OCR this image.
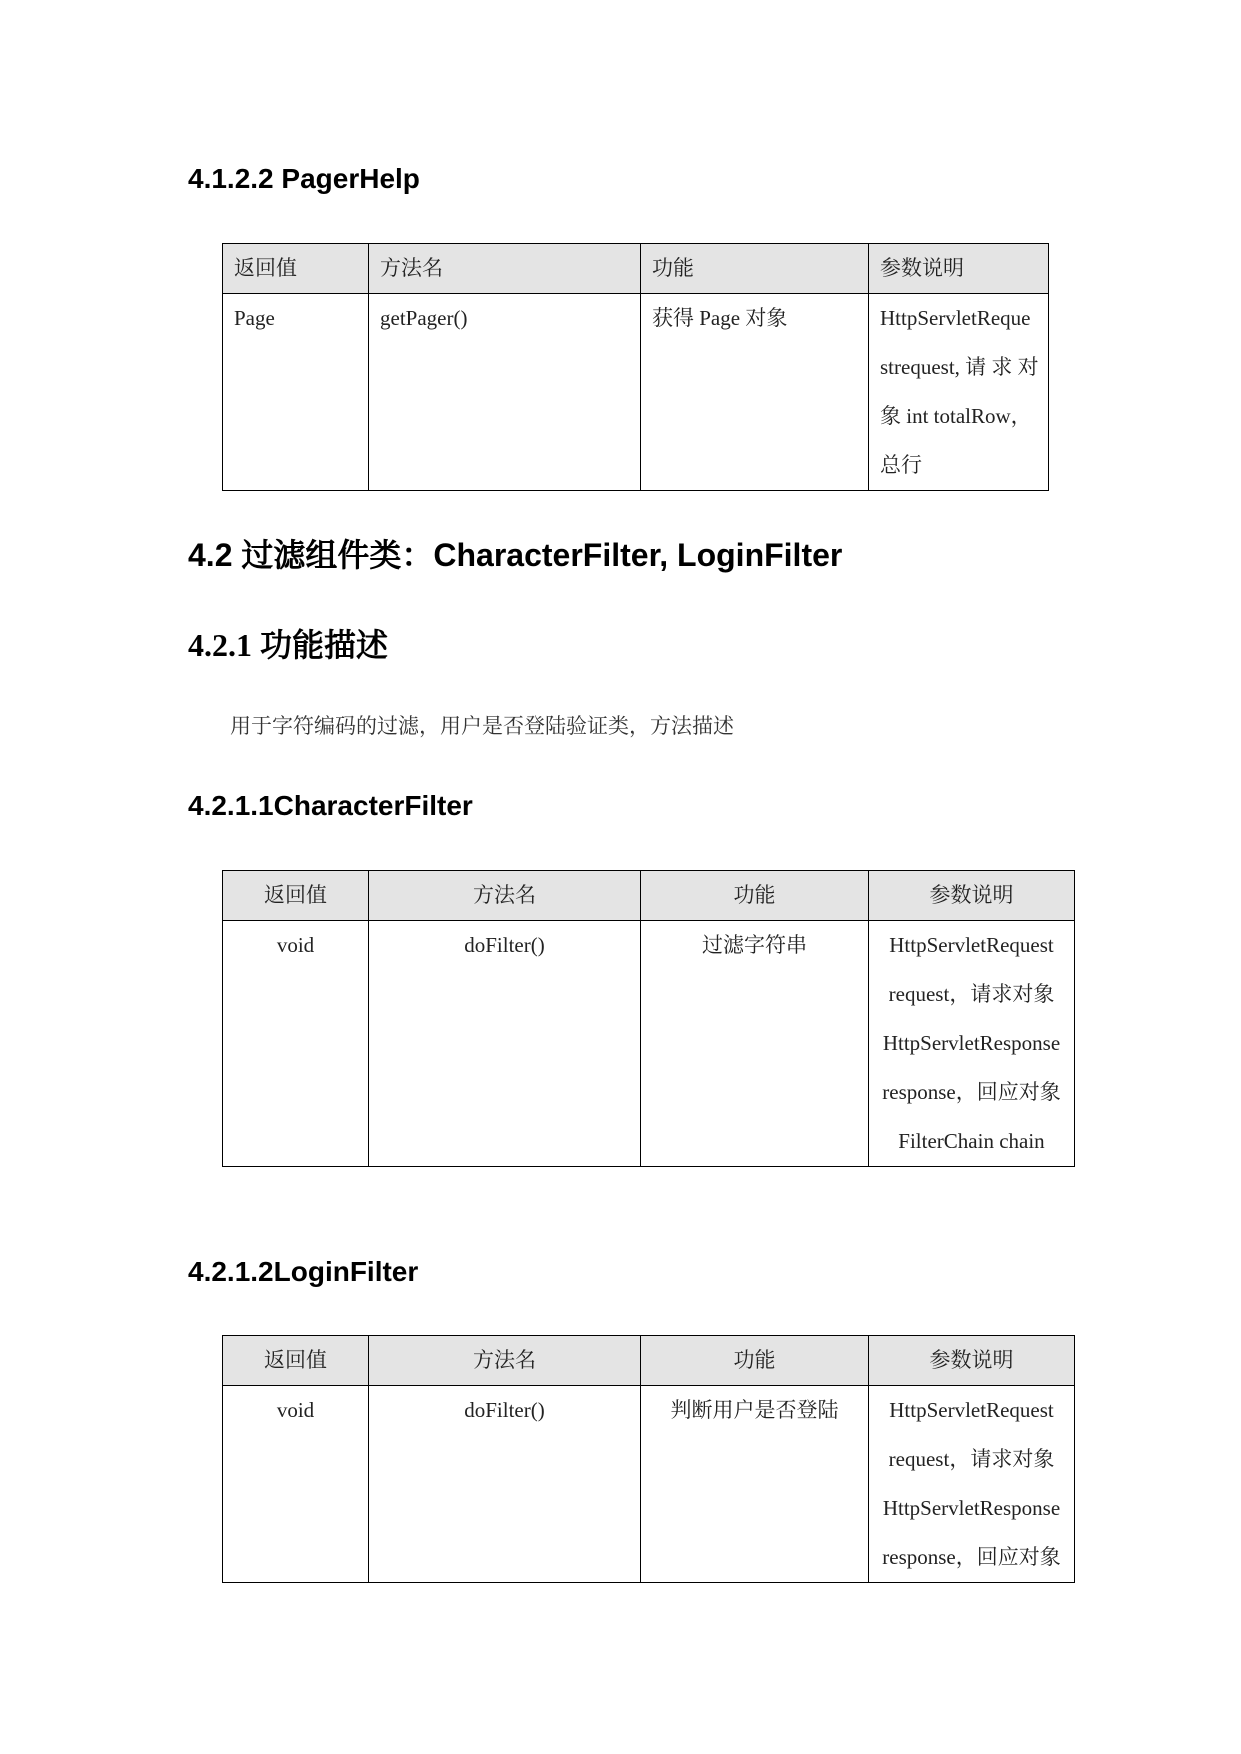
4.1.2.2 PagerHelp
返回值	方法名	功能	参数说明
Page	getPager()	获得 Page 对象	HttpServletReque
strequest, 请 求 对
象 int totalRow，
总行
4.2 过滤组件类：CharacterFilter, LoginFilter
4.2.1 功能描述

用于字符编码的过滤，用户是否登陆验证类，方法描述

4.2.1.1CharacterFilter
返回值	方法名	功能	参数说明
void	doFilter()	过滤字符串	HttpServletRequest
request，请求对象
HttpServletResponse
response，回应对象
FilterChain chain
4.2.1.2LoginFilter
返回值	方法名	功能	参数说明
void	doFilter()	判断用户是否登陆	HttpServletRequest
request，请求对象
HttpServletResponse
response，回应对象
